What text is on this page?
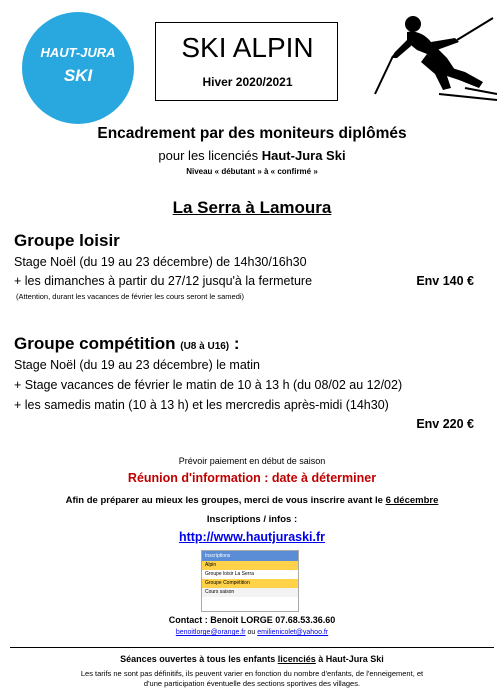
HAUT-JURA
SKI
SKI ALPIN
Hiver 2020/2021
Encadrement par des moniteurs diplômés
pour les licenciés Haut-Jura Ski
Niveau « débutant » à « confirmé »
La Serra à Lamoura
Groupe loisir
Stage Noël (du 19 au 23 décembre) de 14h30/16h30
+ les dimanches à partir du 27/12 jusqu'à la fermeture	Env 140 €
(Attention, durant les vacances de février les cours seront le samedi)
Groupe compétition (U8 à U16) :
Stage Noël (du 19 au 23 décembre) le matin
+ Stage vacances de février le matin de 10 à 13 h (du 08/02 au 12/02)
+ les samedis matin (10 à 13 h) et les mercredis après-midi (14h30)
Env 220 €
Prévoir paiement en début de saison
Réunion d'information : date à déterminer
Afin de préparer au mieux les groupes, merci de vous inscrire avant le 6 décembre
Inscriptions / infos :
http://www.hautjuraski.fr
Inscriptions
Alpin
Groupe loisir La Serra
Groupe Compétition
Cours saison
Contact : Benoit LORGE 07.68.53.36.60
benoitlorge@orange.fr ou emilienicolet@yahoo.fr
Séances ouvertes à tous les enfants licenciés à Haut-Jura Ski
Les tarifs ne sont pas définitifs, ils peuvent varier en fonction du nombre d'enfants, de l'enneigement, et
d'une participation éventuelle des sections sportives des villages.
